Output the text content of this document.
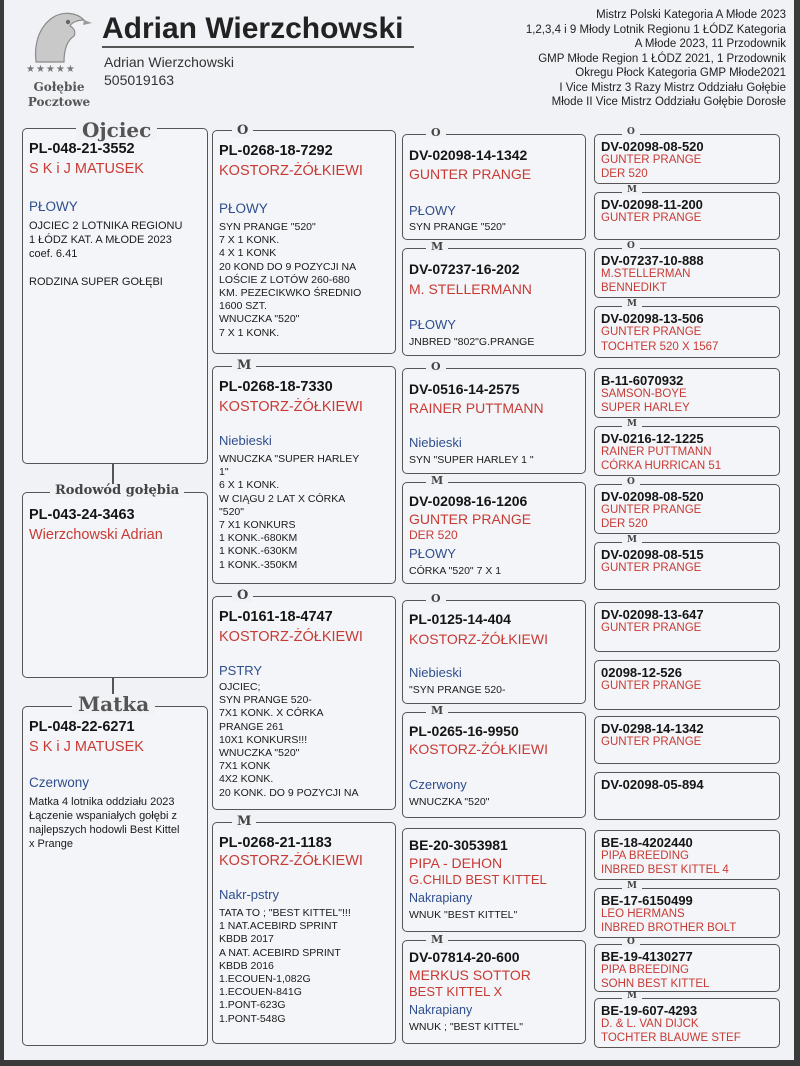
★★★★★
Gołębie
Pocztowe
Adrian Wierzchowski
Adrian Wierzchowski
505019163
Mistrz Polski Kategoria A Młode 2023
1,2,3,4 i 9 Młody Lotnik Regionu 1 ŁÓDZ Kategoria
A Młode 2023, 11 Przodownik
GMP Młode Region 1 ŁÓDZ 2021, 1 Przodownik
Okregu Płock Kategoria GMP Młode2021
I Vice Mistrz 3 Razy Mistrz Oddziału Gołębie
Młode II Vice Mistrz Oddziału Gołębie Dorosłe
PL-048-21-3552
S K i J MATUSEK
PŁOWY
OJCIEC 2 LOTNIKA REGIONU
1 ŁÓDZ KAT. A MŁODE 2023
coef. 6.41

RODZINA SUPER GOŁĘBI
Ojciec
PL-043-24-3463
Wierzchowski Adrian
Rodowód gołębia
PL-048-22-6271
S K i J MATUSEK
Czerwony
Matka 4 lotnika oddziału 2023
Łączenie wspaniałych gołębi z
najlepszych hodowli Best Kittel
x Prange
Matka
PL-0268-18-7292
KOSTORZ-ŻÓŁKIEWI
PŁOWY
SYN PRANGE "520"
7 X 1 KONK.
4 X 1 KONK
20 KOND DO 9 POZYCJI NA
LOŚCIE Z LOTÓW 260-680
KM. PEZECIKWKO ŚREDNIO
1600 SZT.
WNUCZKA "520"
7 X 1 KONK.
O
PL-0268-18-7330
KOSTORZ-ŻÓŁKIEWI
Niebieski
WNUCZKA "SUPER HARLEY
1"
6 X 1 KONK.
W CIĄGU 2 LAT X CÓRKA
"520"
7 X1 KONKURS
1 KONK.-680KM
1 KONK.-630KM
1 KONK.-350KM
M
PL-0161-18-4747
KOSTORZ-ŻÓŁKIEWI
PSTRY
OJCIEC;
SYN PRANGE 520-
7X1 KONK. X CÓRKA
PRANGE 261
10X1 KONKURS!!!
WNUCZKA "520"
7X1 KONK
4X2 KONK.
20 KONK. DO 9 POZYCJI NA
O
PL-0268-21-1183
KOSTORZ-ŻÓŁKIEWI
Nakr-pstry
TATA TO ; "BEST KITTEL"!!!
1 NAT.ACEBIRD SPRINT
KBDB 2017
A NAT. ACEBIRD SPRINT
KBDB 2016
1.ECOUEN-1,082G
1.ECOUEN-841G
1.PONT-623G
1.PONT-548G
M
DV-02098-14-1342
GUNTER PRANGE
PŁOWY
SYN PRANGE "520"
O
DV-07237-16-202
M. STELLERMANN
PŁOWY
JNBRED "802"G.PRANGE
M
DV-0516-14-2575
RAINER PUTTMANN
Niebieski
SYN "SUPER HARLEY 1 "
O
DV-02098-16-1206
GUNTER PRANGE
DER 520
PŁOWY
CÓRKA "520" 7 X 1
M
PL-0125-14-404
KOSTORZ-ŻÓŁKIEWI
Niebieski
"SYN PRANGE 520-
O
PL-0265-16-9950
KOSTORZ-ŻÓŁKIEWI
Czerwony
WNUCZKA "520"
M
BE-20-3053981
PIPA - DEHON
G.CHILD BEST KITTEL
Nakrapiany
WNUK "BEST KITTEL"
DV-07814-20-600
MERKUS SOTTOR
BEST KITTEL X
Nakrapiany
WNUK ; "BEST KITTEL"
M
DV-02098-08-520
GUNTER PRANGE
DER 520
O
DV-02098-11-200
GUNTER PRANGE
M
DV-07237-10-888
M.STELLERMAN
BENNEDIKT
O
DV-02098-13-506
GUNTER PRANGE
TOCHTER 520 X 1567
M
B-11-6070932
SAMSON-BOYE
SUPER HARLEY
DV-0216-12-1225
RAINER PUTTMANN
CÓRKA HURRICAN 51
M
DV-02098-08-520
GUNTER PRANGE
DER 520
O
DV-02098-08-515
GUNTER PRANGE
M
DV-02098-13-647
GUNTER PRANGE
02098-12-526
GUNTER PRANGE
DV-0298-14-1342
GUNTER PRANGE
DV-02098-05-894
BE-18-4202440
PIPA BREEDING
INBRED BEST KITTEL 4
BE-17-6150499
LEO HERMANS
INBRED BROTHER BOLT
M
BE-19-4130277
PIPA BREEDING
SOHN BEST KITTEL
O
BE-19-607-4293
D. & L. VAN DIJCK
TOCHTER BLAUWE STEF
M
